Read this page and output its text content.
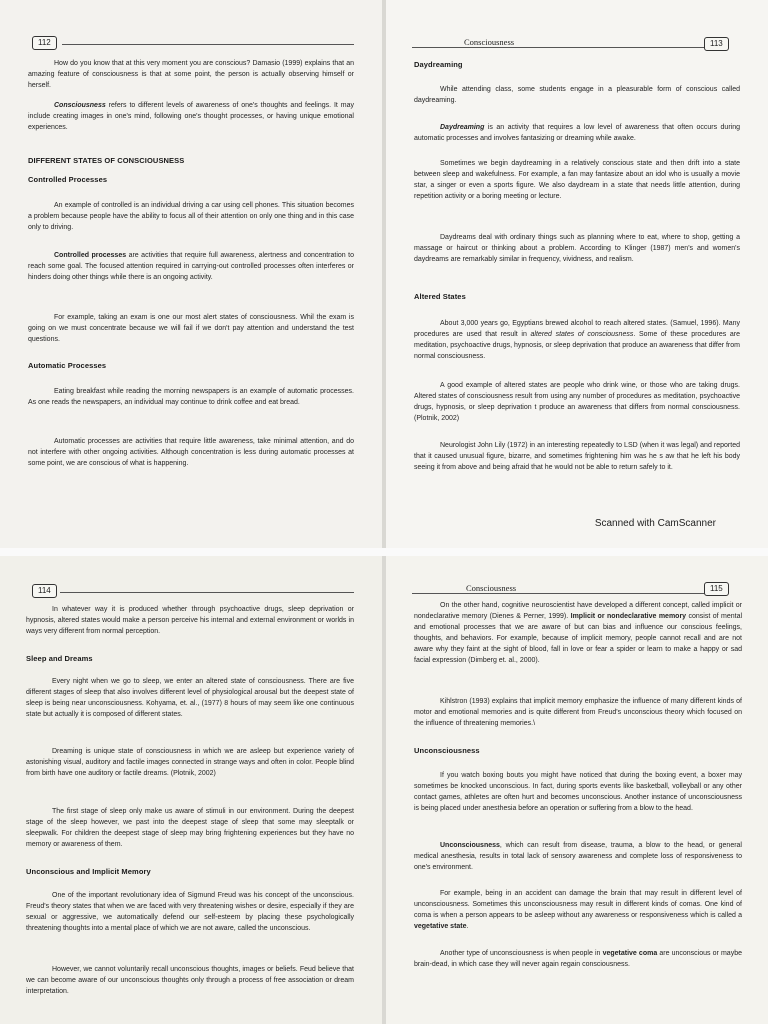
112
How do you know that at this very moment you are conscious? Damasio (1999) explains that an amazing feature of consciousness is that at some point, the person is actually observing himself or herself.
Consciousness refers to different levels of awareness of one's thoughts and feelings. It may include creating images in one's mind, following one's thought processes, or having unique emotional experiences.
DIFFERENT STATES OF CONSCIOUSNESS
Controlled Processes
An example of controlled is an individual driving a car using cell phones. This situation becomes a problem because people have the ability to focus all of their attention on only one thing and in this case only to driving.
Controlled processes are activities that require full awareness, alertness and concentration to reach some goal. The focused attention required in carrying-out controlled processes often interferes or hinders doing other things while there is an ongoing activity.
For example, taking an exam is one our most alert states of consciousness. Whil the exam is going on we must concentrate because we will fail if we don't pay attention and understand the test questions.
Automatic Processes
Eating breakfast while reading the morning newspapers is an example of automatic processes. As one reads the newspapers, an individual may continue to drink coffee and eat bread.
Automatic processes are activities that require little awareness, take minimal attention, and do not interfere with other ongoing activities. Although concentration is less during automatic processes at some point, we are conscious of what is happening.
Consciousness	113
Daydreaming
While attending class, some students engage in a pleasurable form of conscious called daydreaming.
Daydreaming is an activity that requires a low level of awareness that often occurs during automatic processes and involves fantasizing or dreaming while awake.
Sometimes we begin daydreaming in a relatively conscious state and then drift into a state between sleep and wakefulness. For example, a fan may fantasize about an idol who is usually a movie star, a singer or even a sports figure. We also daydream in a state that needs little attention, during repetition activity or a boring meeting or lecture.
Daydreams deal with ordinary things such as planning where to eat, where to shop, getting a massage or haircut or thinking about a problem. According to Klinger (1987) men's and women's daydreams are remarkably similar in frequency, vividness, and realism.
Altered States
About 3,000 years go, Egyptians brewed alcohol to reach altered states. (Samuel, 1996). Many procedures are used that result in altered states of consciousness. Some of these procedures are meditation, psychoactive drugs, hypnosis, or sleep deprivation that produce an awareness that differ from normal consciousness.
A good example of altered states are people who drink wine, or those who are taking drugs. Altered states of consciousness result from using any number of procedures as meditation, psychoactive drugs, hypnosis, or sleep deprivation t produce an awareness that differs from normal consciousness. (Plotnik, 2002)
Neurologist John Lily (1972) in an interesting repeatedly to LSD (when it was legal) and reported that it caused unusual figure, bizarre, and sometimes frightening him was he s aw that he left his body seeing it from above and being afraid that he would not be able to return safely to it.
Scanned with CamScanner
114
In whatever way it is produced whether through psychoactive drugs, sleep deprivation or hypnosis, altered states would make a person perceive his internal and external environment or worlds in ways very different from normal perception.
Sleep and Dreams
Every night when we go to sleep, we enter an altered state of consciousness. There are five different stages of sleep that also involves different level of physiological arousal but the deepest state of sleep is being near unconsciousness. Kohyama, et. al., (1977) 8 hours of may seem like one continuous state but actually it is composed of different states.
Dreaming is unique state of consciousness in which we are asleep but experience variety of astonishing visual, auditory and factile images connected in strange ways and often in color. People blind from birth have one auditory or factile dreams. (Plotnik, 2002)
The first stage of sleep only make us aware of stimuli in our environment. During the deepest stage of the sleep however, we past into the deepest stage of sleep that some may sleeptalk or sleepwalk. For children the deepest stage of sleep may bring frightening experiences but they have no memory or awareness of them.
Unconscious and Implicit Memory
One of the important revolutionary idea of Sigmund Freud was his concept of the unconscious. Freud's theory states that when we are faced with very threatening wishes or desire, especially if they are sexual or aggressive, we automatically defend our self-esteem by placing these psychologically threatening thoughts into a mental place of which we are not aware, called the unconscious.
However, we cannot voluntarily recall unconscious thoughts, images or beliefs. Feud believe that we can become aware of our unconscious thoughts only through a process of free association or dream interpretation.
Consciousness	115
On the other hand, cognitive neuroscientist have developed a different concept, called implicit or nondeclarative memory (Dienes & Perner, 1999). Implicit or nondeclarative memory consist of mental and emotional processes that we are aware of but can bias and influence our conscious feelings, thoughts, and behaviors. For example, because of implicit memory, people cannot recall and are not aware why they faint at the sight of blood, fall in love or fear a spider or learn to make a happy or sad facial expression (Dimberg et. al., 2000).
Kihlstron (1993) explains that implicit memory emphasize the influence of many different kinds of motor and emotional memories and is quite different from Freud's unconscious theory which focused on the influence of threatening memories.\
Unconsciousness
If you watch boxing bouts you might have noticed that during the boxing event, a boxer may sometimes be knocked unconscious. In fact, during sports events like basketball, volleyball or any other contact games, athletes are often hurt and becomes unconscious. Another instance of unconsciousness is being placed under anesthesia before an operation or suffering from a blow to the head.
Unconsciousness, which can result from disease, trauma, a blow to the head, or general medical anesthesia, results in total lack of sensory awareness and complete loss of responsiveness to one's environment.
For example, being in an accident can damage the brain that may result in different level of unconsciousness. Sometimes this unconsciousness may result in different kinds of comas. One kind of coma is when a person appears to be asleep without any awareness or responsiveness which is called a vegetative state.
Another type of unconsciousness is when people in vegetative coma are unconscious or maybe brain-dead, in which case they will never again regain consciousness.
